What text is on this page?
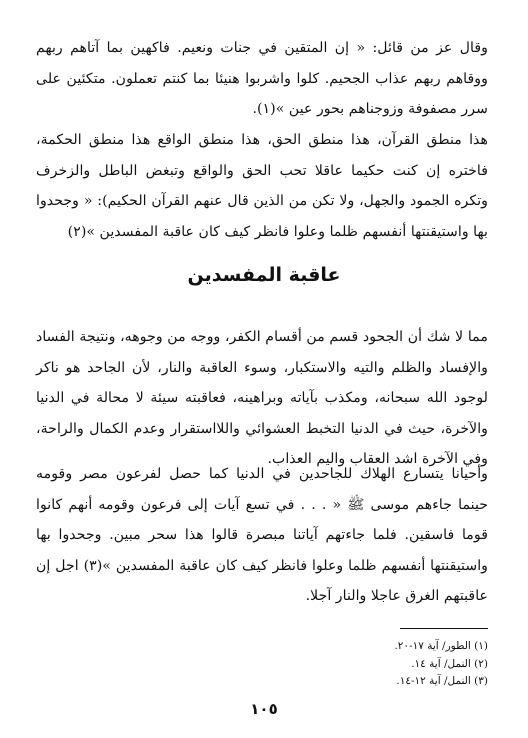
وقال عز من قائل: « إن المتقين في جنات ونعيم. فاكهين بما آتاهم ربهم ووقاهم ربهم عذاب الجحيم. كلوا واشربوا هنيئا بما كنتم تعملون. متكئين على سرر مصفوفة وزوجناهم بحور عين »(١).

هذا منطق القرآن، هذا منطق الحق، هذا منطق الواقع هذا منطق الحكمة، فاختره إن كنت حكيما عاقلا تحب الحق والواقع وتبغض الباطل والزخرف وتكره الجمود والجهل، ولا تكن من الذين قال عنهم القرآن الحكيم): « وجحدوا بها واستيقنتها أنفسهم ظلما وعلوا فانظر كيف كان عاقبة المفسدين »(٢)

عاقبة المفسدين

مما لا شك أن الجحود قسم من أقسام الكفر، ووجه من وجوهه، ونتيجة الفساد والإفساد والظلم والتيه والاستكبار، وسوء العاقبة والنار، لأن الجاحد هو ناكر لوجود الله سبحانه، ومكذب بآياته وبراهينه، فعاقبته سيئة لا محالة في الدنيا والآخرة، حيث في الدنيا التخبط العشوائي واللااستقرار وعدم الكمال والراحة، وفي الآخرة اشد العقاب واليم العذاب.

وأحيانا يتسارع الهلاك للجاحدين في الدنيا كما حصل لفرعون مصر وقومه حينما جاءهم موسى ﷺ « . . . في تسع آيات إلى فرعون وقومه أنهم كانوا قوما فاسقين. فلما جاءتهم آياتنا مبصرة قالوا هذا سحر مبين. وجحدوا بها واستيقنتها أنفسهم ظلما وعلوا فانظر كيف كان عاقبة المفسدين »(٣) اجل إن عاقبتهم الغرق عاجلا والنار آجلا.

(١) الطور/ آية ١٧-٢٠.
(٢) النمل/ آية ١٤.
(٣) النمل/ آية ١٢-١٤.
١٠٥
